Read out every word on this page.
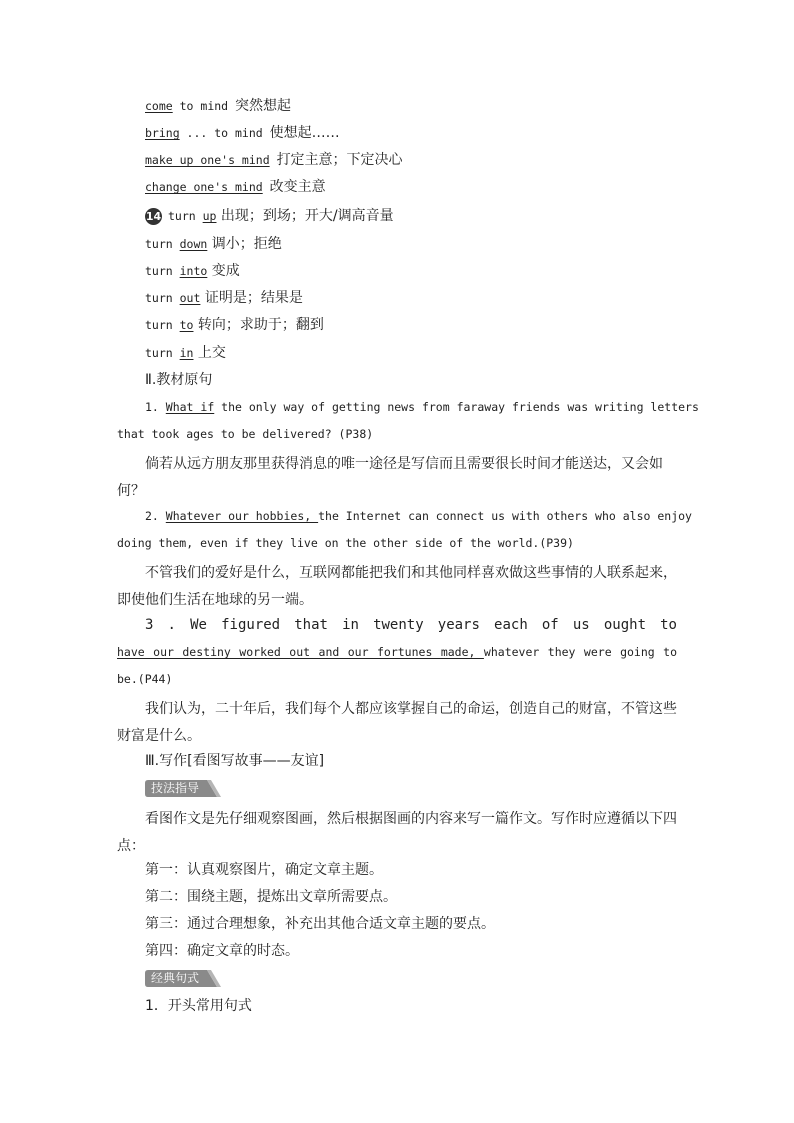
come to mind 突然想起
bring ... to mind 使想起……
make up one's mind 打定主意；下定决心
change one's mind 改变主意
14 turn up 出现；到场；开大/调高音量
turn down 调小；拒绝
turn into 变成
turn out 证明是；结果是
turn to 转向；求助于；翻到
turn in 上交
Ⅱ.教材原句
1. What if the only way of getting news from faraway friends was writing letters
that took ages to be delivered? (P38)
倘若从远方朋友那里获得消息的唯一途径是写信而且需要很长时间才能送达，又会如何？
2. Whatever our hobbies, the Internet can connect us with others who also enjoy
doing them, even if they live on the other side of the world.(P39)
不管我们的爱好是什么，互联网都能把我们和其他同样喜欢做这些事情的人联系起来，即使他们生活在地球的另一端。
3 . We figured that in twenty years each of us ought to
have our destiny worked out and our fortunes made, whatever they were going to
be.(P44)
我们认为，二十年后，我们每个人都应该掌握自己的命运，创造自己的财富，不管这些财富是什么。
Ⅲ.写作[看图写故事——友谊]
技法指导
看图作文是先仔细观察图画，然后根据图画的内容来写一篇作文。写作时应遵循以下四点：
第一：认真观察图片，确定文章主题。
第二：围绕主题，提炼出文章所需要点。
第三：通过合理想象，补充出其他合适文章主题的要点。
第四：确定文章的时态。
经典句式
1．开头常用句式
